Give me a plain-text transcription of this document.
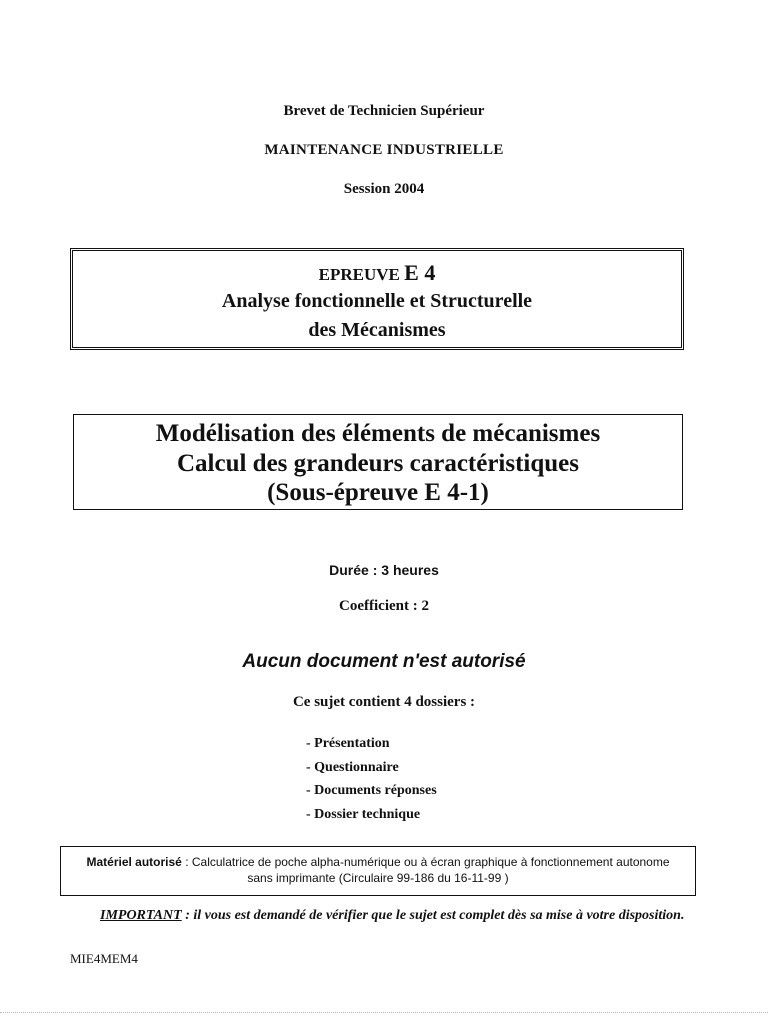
Brevet de Technicien Supérieur
MAINTENANCE INDUSTRIELLE
Session 2004
EPREUVE E 4
Analyse fonctionnelle et Structurelle
des Mécanismes
Modélisation des éléments de mécanismes
Calcul des grandeurs caractéristiques
(Sous-épreuve E 4-1)
Durée : 3 heures
Coefficient : 2
Aucun document n'est autorisé
Ce sujet contient 4 dossiers :
- Présentation
- Questionnaire
- Documents réponses
- Dossier technique
Matériel autorisé : Calculatrice de poche alpha-numérique ou à écran graphique à fonctionnement autonome
sans imprimante (Circulaire 99-186 du 16-11-99 )
IMPORTANT : il vous est demandé de vérifier que le sujet est complet dès sa mise à votre disposition.
MIE4MEM4
